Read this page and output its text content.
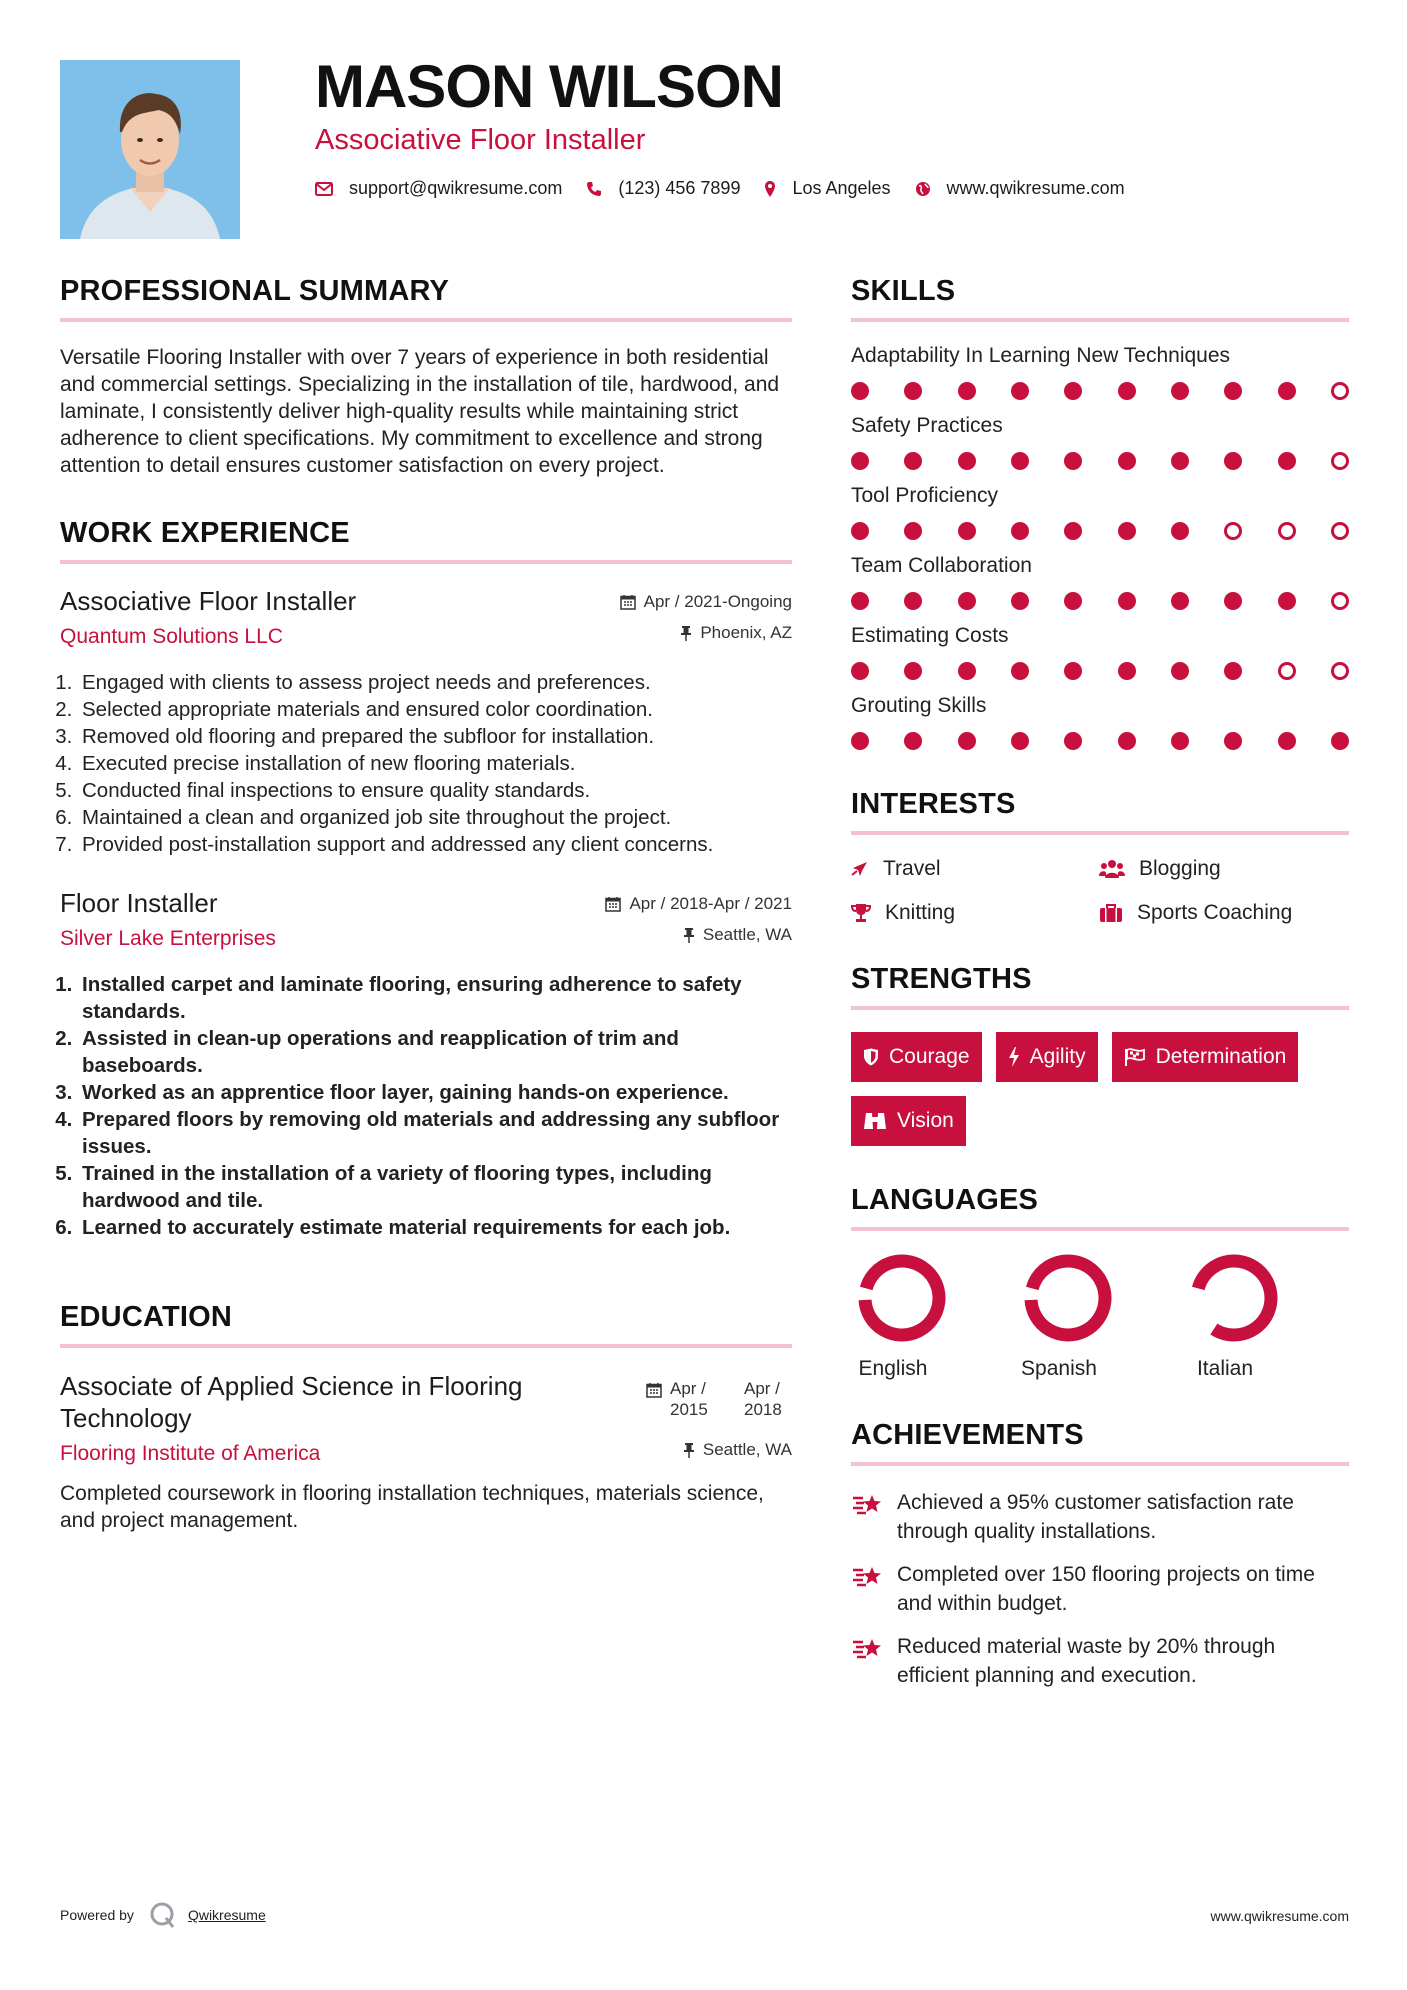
MASON WILSON
Associative Floor Installer
support@qwikresume.com	(123) 456 7899	Los Angeles	www.qwikresume.com
PROFESSIONAL SUMMARY

Versatile Flooring Installer with over 7 years of experience in both residential and commercial settings. Specializing in the installation of tile, hardwood, and laminate, I consistently deliver high-quality results while maintaining strict adherence to client specifications. My commitment to excellence and strong attention to detail ensures customer satisfaction on every project.

WORK EXPERIENCE
Associative Floor Installer	Apr / 2021-Ongoing
Quantum Solutions LLC	Phoenix, AZ
1. Engaged with clients to assess project needs and preferences.
2. Selected appropriate materials and ensured color coordination.
3. Removed old flooring and prepared the subfloor for installation.
4. Executed precise installation of new flooring materials.
5. Conducted final inspections to ensure quality standards.
6. Maintained a clean and organized job site throughout the project.
7. Provided post-installation support and addressed any client concerns.
Floor Installer	Apr / 2018-Apr / 2021
Silver Lake Enterprises	Seattle, WA
1. Installed carpet and laminate flooring, ensuring adherence to safety standards.
2. Assisted in clean-up operations and reapplication of trim and baseboards.
3. Worked as an apprentice floor layer, gaining hands-on experience.
4. Prepared floors by removing old materials and addressing any subfloor issues.
5. Trained in the installation of a variety of flooring types, including hardwood and tile.
6. Learned to accurately estimate material requirements for each job.
EDUCATION
Associate of Applied Science in Flooring Technology
Apr / 2015
Apr / 2018
Flooring Institute of America	Seattle, WA

Completed coursework in flooring installation techniques, materials science, and project management.

SKILLS
Adaptability In Learning New Techniques
Safety Practices
Tool Proficiency
Team Collaboration
Estimating Costs
Grouting Skills
INTERESTS
Travel	Blogging
Knitting	Sports Coaching
STRENGTHS
Courage	Agility	Determination
Vision
LANGUAGES
English	Spanish	Italian
ACHIEVEMENTS
Achieved a 95% customer satisfaction rate through quality installations.
Completed over 150 flooring projects on time and within budget.
Reduced material waste by 20% through efficient planning and execution.
Powered by	Qwikresume	www.qwikresume.com
